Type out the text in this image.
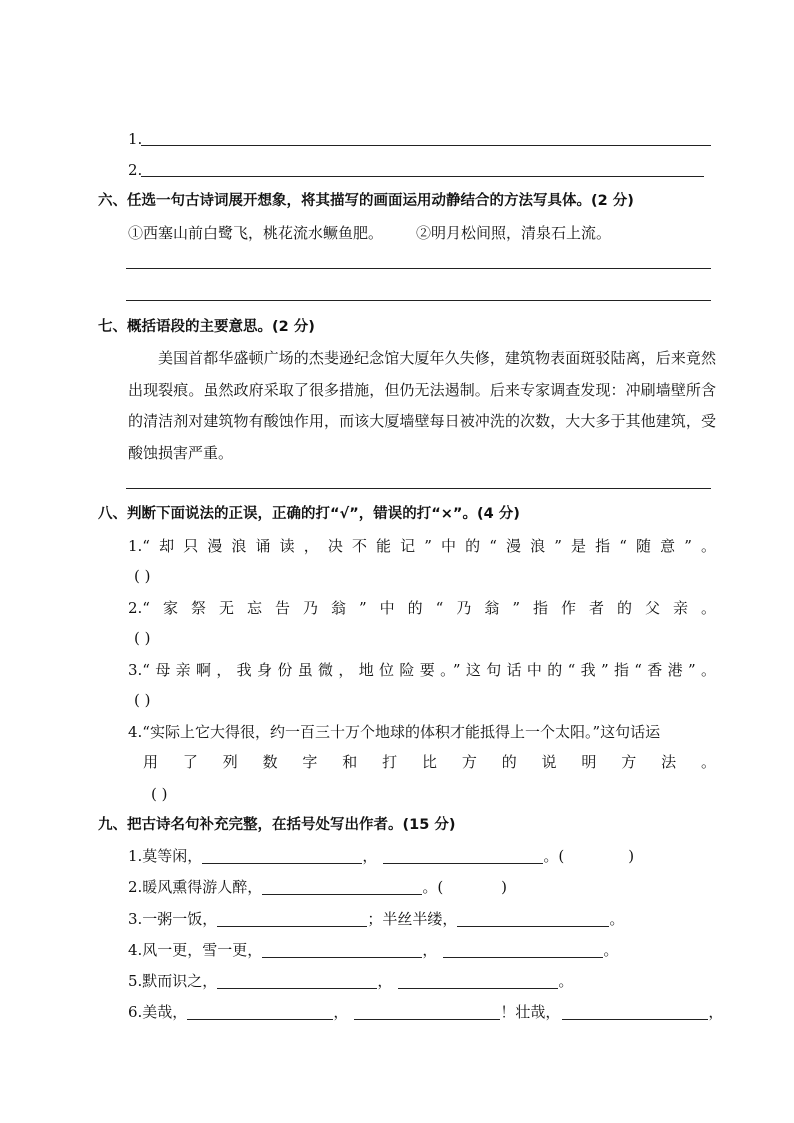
1.
2.
六、任选一句古诗词展开想象，将其描写的画面运用动静结合的方法写具体。(2 分)
①西塞山前白鹭飞，桃花流水鳜鱼肥。 ②明月松间照，清泉石上流。
七、概括语段的主要意思。(2 分)
美国首都华盛顿广场的杰斐逊纪念馆大厦年久失修，建筑物表面斑驳陆离，后来竟然出现裂痕。虽然政府采取了很多措施，但仍无法遏制。后来专家调查发现：冲刷墙壁所含的清洁剂对建筑物有酸蚀作用，而该大厦墙壁每日被冲洗的次数，大大多于其他建筑，受酸蚀损害严重。
八、判断下面说法的正误，正确的打“√”，错误的打“×”。(4 分)
1.“却只漫浪诵读，决不能记”中的“漫浪”是指“随意”。
( )
2.“家祭无忘告乃翁”中的“乃翁”指作者的父亲。
( )
3.“母亲啊，我身份虽微，地位险要。”这句话中的“我”指“香港”。
( )
4.“实际上它大得很，约一百三十万个地球的体积才能抵得上一个太阳。”这句话运
用了列数字和打比方的说明方法。
( )
九、把古诗名句补充完整，在括号处写出作者。(15 分)
1.莫等闲，	，	。(	)
2.暖风熏得游人醉，	。(	)
3.一粥一饭，	；半丝半缕，	。
4.风一更，雪一更，	，	。
5.默而识之，	，	。
6.美哉，	，	！壮哉，	，
